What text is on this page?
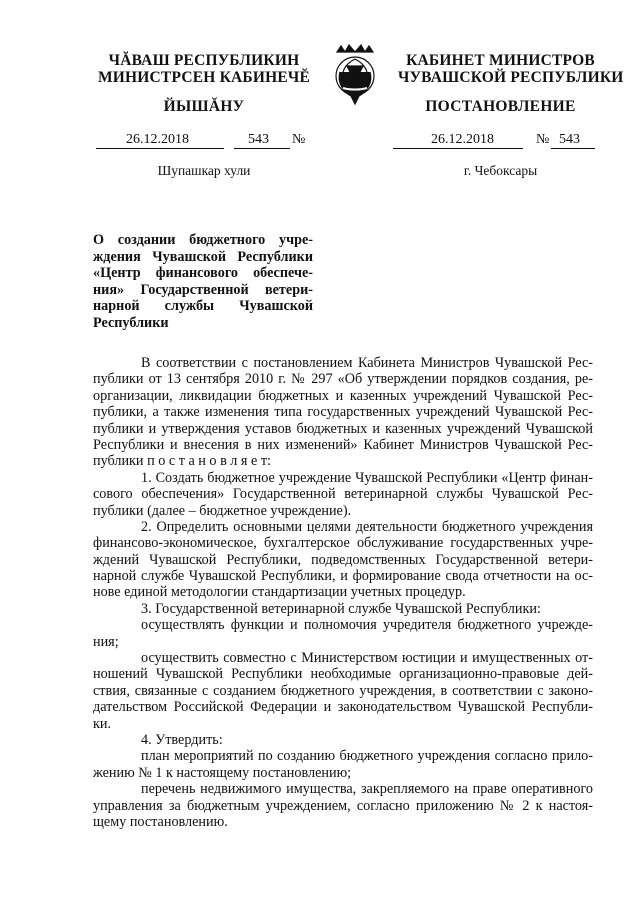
ЧĂВАШ РЕСПУБЛИКИН
МИНИСТРСЕН КАБИНЕЧĔ
ЙЫШĂНУ
КАБИНЕТ МИНИСТРОВ
ЧУВАШСКОЙ РЕСПУБЛИКИ
ПОСТАНОВЛЕНИЕ
26.12.2018	543 №	26.12.2018	№ 543
Шупашкар хули	г. Чебоксары
О создании бюджетного учре-
ждения Чувашской Республики
«Центр финансового обеспече-
ния» Государственной ветери-
нарной службы Чувашской
Республики
В соответствии с постановлением Кабинета Министров Чувашской Рес-
публики от 13 сентября 2010 г. № 297 «Об утверждении порядков создания, ре-
организации, ликвидации бюджетных и казенных учреждений Чувашской Рес-
публики, а также изменения типа государственных учреждений Чувашской Рес-
публики и утверждения уставов бюджетных и казенных учреждений Чувашской
Республики и внесения в них изменений» Кабинет Министров Чувашской Рес-
публики п о с т а н о в л я е т:
1. Создать бюджетное учреждение Чувашской Республики «Центр финан-
сового обеспечения» Государственной ветеринарной службы Чувашской Рес-
публики (далее – бюджетное учреждение).
2. Определить основными целями деятельности бюджетного учреждения
финансово-экономическое, бухгалтерское обслуживание государственных учре-
ждений Чувашской Республики, подведомственных Государственной ветери-
нарной службе Чувашской Республики, и формирование свода отчетности на ос-
нове единой методологии стандартизации учетных процедур.
3. Государственной ветеринарной службе Чувашской Республики:
осуществлять функции и полномочия учредителя бюджетного учрежде-
ния;
осуществить совместно с Министерством юстиции и имущественных от-
ношений Чувашской Республики необходимые организационно-правовые дей-
ствия, связанные с созданием бюджетного учреждения, в соответствии с законо-
дательством Российской Федерации и законодательством Чувашской Республи-
ки.
4. Утвердить:
план мероприятий по созданию бюджетного учреждения согласно прило-
жению № 1 к настоящему постановлению;
перечень недвижимого имущества, закрепляемого на праве оперативного
управления за бюджетным учреждением, согласно приложению № 2 к настоя-
щему постановлению.
